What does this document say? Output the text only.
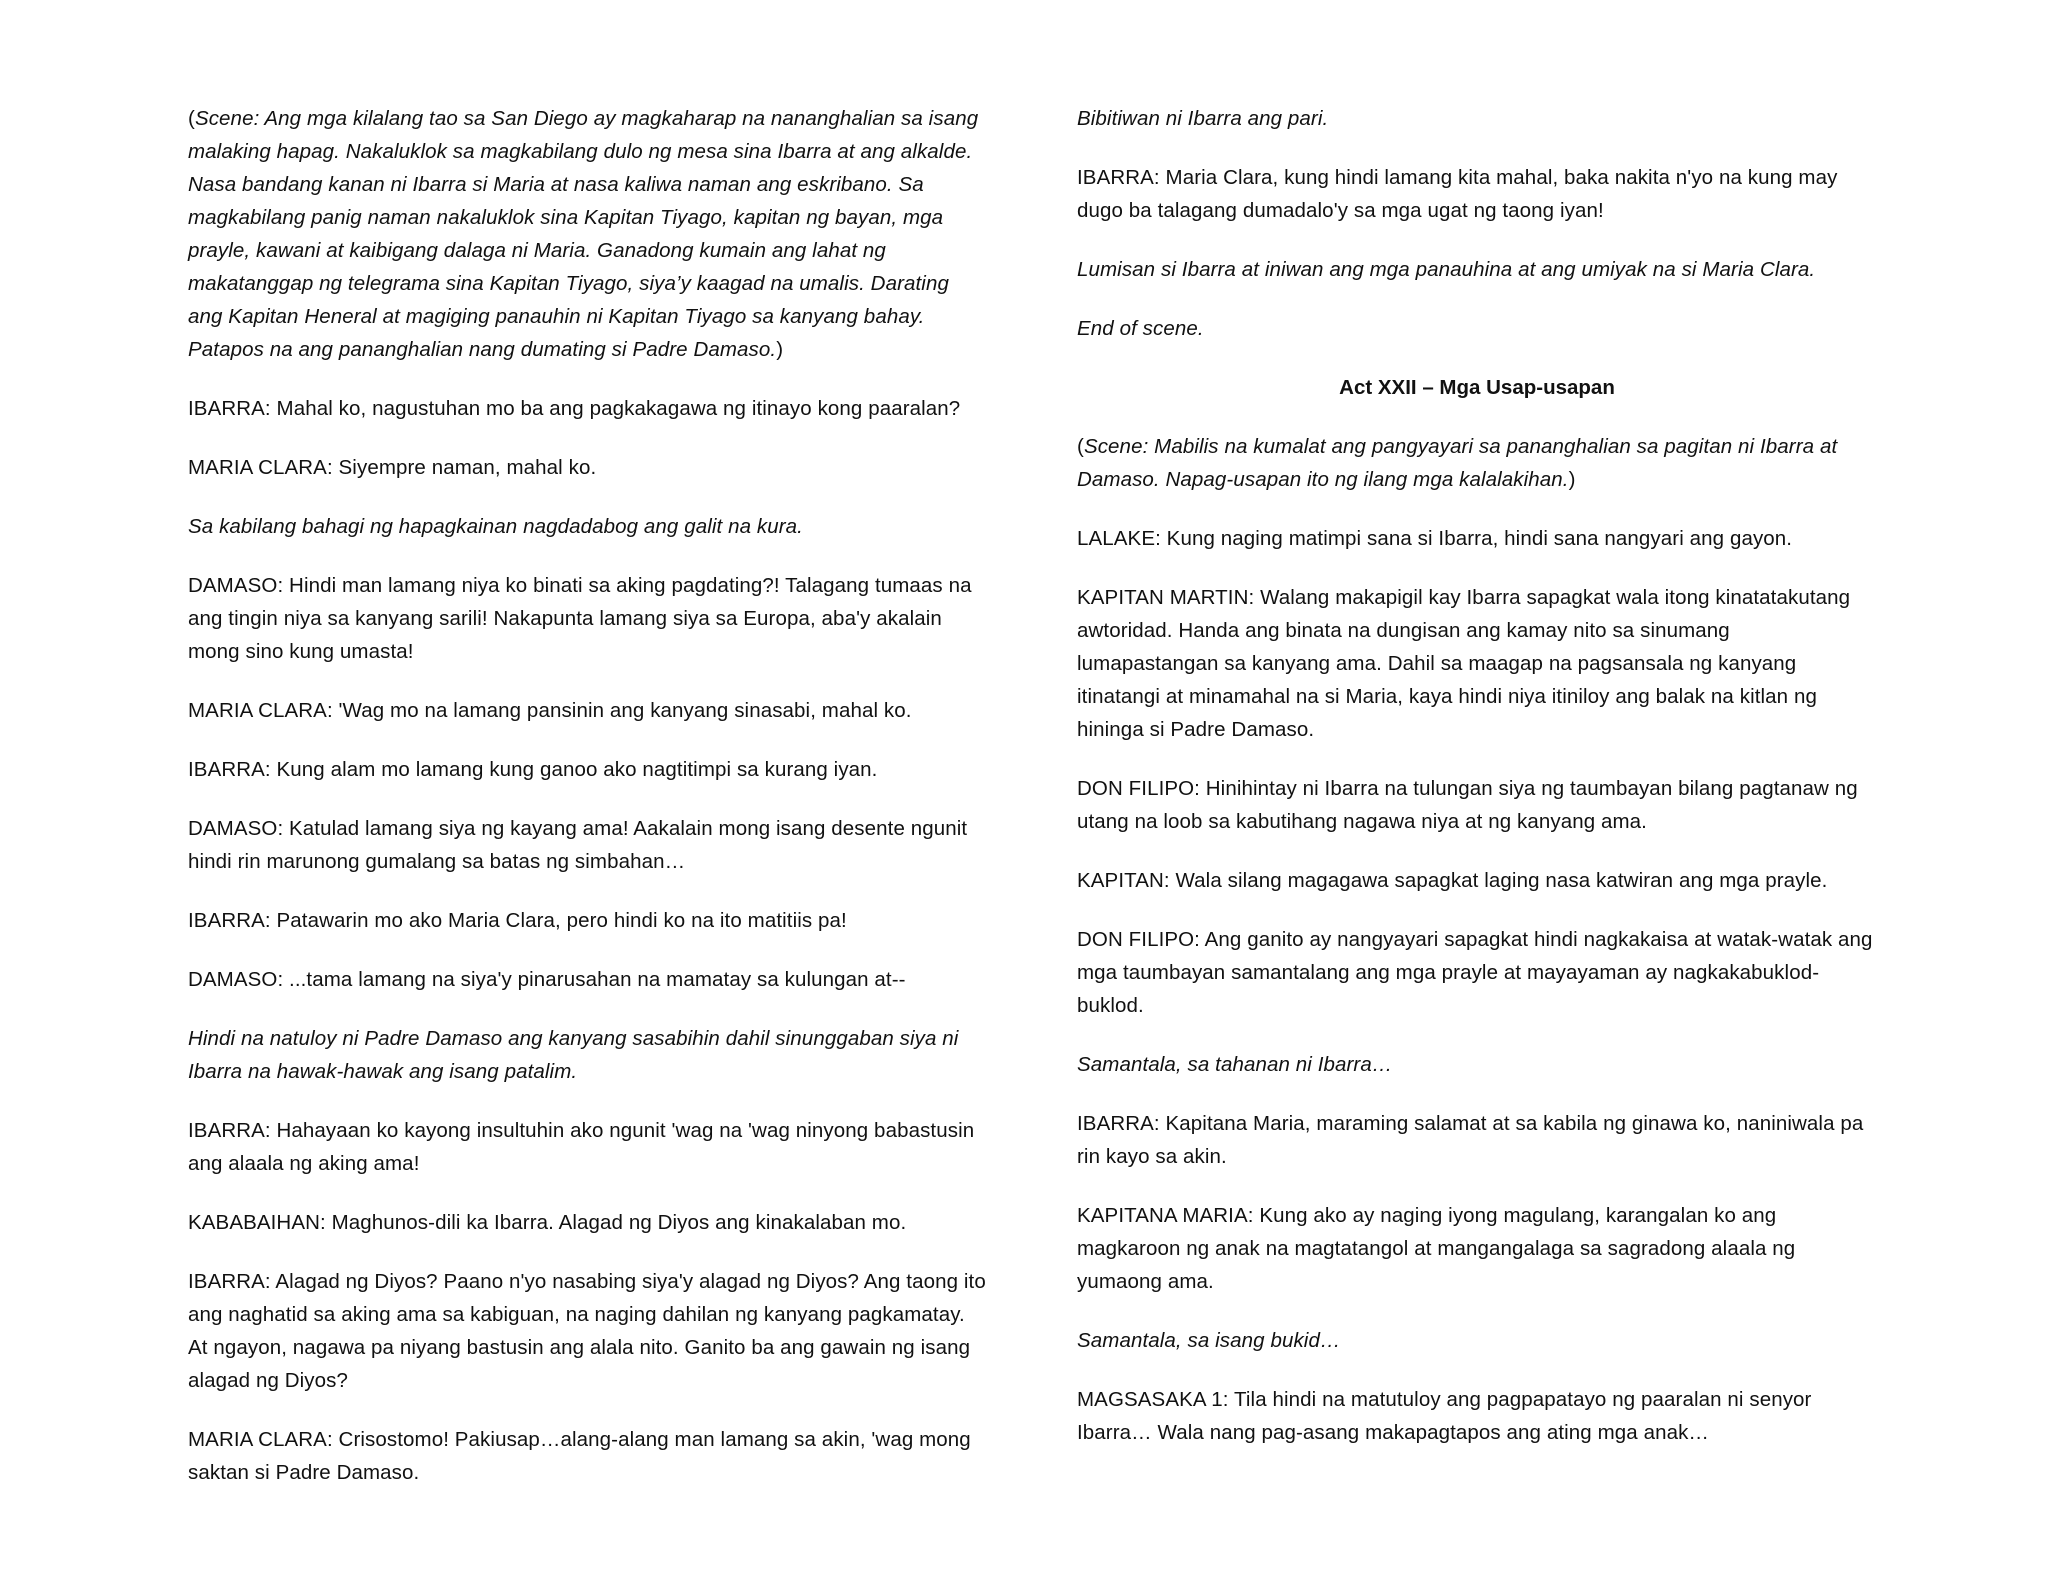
(Scene: Ang mga kilalang tao sa San Diego ay magkaharap na nananghalian sa isang malaking hapag. Nakaluklok sa magkabilang dulo ng mesa sina Ibarra at ang alkalde. Nasa bandang kanan ni Ibarra si Maria at nasa kaliwa naman ang eskribano. Sa magkabilang panig naman nakaluklok sina Kapitan Tiyago, kapitan ng bayan, mga prayle, kawani at kaibigang dalaga ni Maria. Ganadong kumain ang lahat ng makatanggap ng telegrama sina Kapitan Tiyago, siya’y kaagad na umalis. Darating ang Kapitan Heneral at magiging panauhin ni Kapitan Tiyago sa kanyang bahay. Patapos na ang pananghalian nang dumating si Padre Damaso.)

IBARRA: Mahal ko, nagustuhan mo ba ang pagkakagawa ng itinayo kong paaralan?

MARIA CLARA: Siyempre naman, mahal ko.

Sa kabilang bahagi ng hapagkainan nagdadabog ang galit na kura.

DAMASO: Hindi man lamang niya ko binati sa aking pagdating?! Talagang tumaas na ang tingin niya sa kanyang sarili! Nakapunta lamang siya sa Europa, aba'y akalain mong sino kung umasta!

MARIA CLARA: 'Wag mo na lamang pansinin ang kanyang sinasabi, mahal ko.

IBARRA: Kung alam mo lamang kung ganoo ako nagtitimpi sa kurang iyan.

DAMASO: Katulad lamang siya ng kayang ama! Aakalain mong isang desente ngunit hindi rin marunong gumalang sa batas ng simbahan…

IBARRA: Patawarin mo ako Maria Clara, pero hindi ko na ito matitiis pa!

DAMASO: ...tama lamang na siya'y pinarusahan na mamatay sa kulungan at--

Hindi na natuloy ni Padre Damaso ang kanyang sasabihin dahil sinunggaban siya ni Ibarra na hawak-hawak ang isang patalim.

IBARRA: Hahayaan ko kayong insultuhin ako ngunit 'wag na 'wag ninyong babastusin ang alaala ng aking ama!

KABABAIHAN: Maghunos-dili ka Ibarra. Alagad ng Diyos ang kinakalaban mo.

IBARRA: Alagad ng Diyos? Paano n'yo nasabing siya'y alagad ng Diyos? Ang taong ito ang naghatid sa aking ama sa kabiguan, na naging dahilan ng kanyang pagkamatay. At ngayon, nagawa pa niyang bastusin ang alala nito. Ganito ba ang gawain ng isang alagad ng Diyos?

MARIA CLARA: Crisostomo! Pakiusap…alang-alang man lamang sa akin, 'wag mong saktan si Padre Damaso.

Bibitiwan ni Ibarra ang pari.

IBARRA: Maria Clara, kung hindi lamang kita mahal, baka nakita n'yo na kung may dugo ba talagang dumadalo'y sa mga ugat ng taong iyan!

Lumisan si Ibarra at iniwan ang mga panauhina at ang umiyak na si Maria Clara.

End of scene.

Act XXII – Mga Usap-usapan

(Scene: Mabilis na kumalat ang pangyayari sa pananghalian sa pagitan ni Ibarra at Damaso. Napag-usapan ito ng ilang mga kalalakihan.)

LALAKE: Kung naging matimpi sana si Ibarra, hindi sana nangyari ang gayon.

KAPITAN MARTIN: Walang makapigil kay Ibarra sapagkat wala itong kinatatakutang awtoridad. Handa ang binata na dungisan ang kamay nito sa sinumang lumapastangan sa kanyang ama. Dahil sa maagap na pagsansala ng kanyang itinatangi at minamahal na si Maria, kaya hindi niya itiniloy ang balak na kitlan ng hininga si Padre Damaso.

DON FILIPO: Hinihintay ni Ibarra na tulungan siya ng taumbayan bilang pagtanaw ng utang na loob sa kabutihang nagawa niya at ng kanyang ama.

KAPITAN: Wala silang magagawa sapagkat laging nasa katwiran ang mga prayle.

DON FILIPO: Ang ganito ay nangyayari sapagkat hindi nagkakaisa at watak-watak ang mga taumbayan samantalang ang mga prayle at mayayaman ay nagkakabuklod-buklod.

Samantala, sa tahanan ni Ibarra…

IBARRA: Kapitana Maria, maraming salamat at sa kabila ng ginawa ko, naniniwala pa rin kayo sa akin.

KAPITANA MARIA: Kung ako ay naging iyong magulang, karangalan ko ang magkaroon ng anak na magtatangol at mangangalaga sa sagradong alaala ng yumaong ama.

Samantala, sa isang bukid…

MAGSASAKA 1: Tila hindi na matutuloy ang pagpapatayo ng paaralan ni senyor Ibarra… Wala nang pag-asang makapagtapos ang ating mga anak…
